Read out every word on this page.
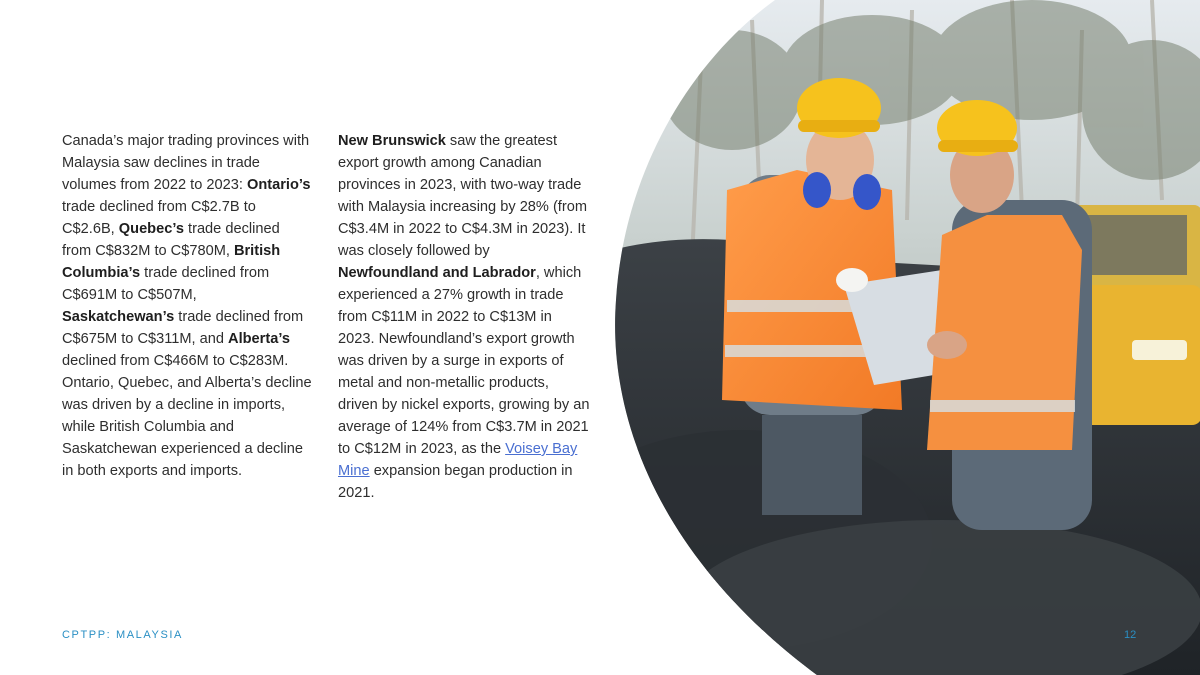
Canada’s major trading provinces with Malaysia saw declines in trade volumes from 2022 to 2023: Ontario’s trade declined from C$2.7B to C$2.6B, Quebec’s trade declined from C$832M to C$780M, British Columbia’s trade declined from C$691M to C$507M, Saskatchewan’s trade declined from C$675M to C$311M, and Alberta’s declined from C$466M to C$283M. Ontario, Quebec, and Alberta’s decline was driven by a decline in imports, while British Columbia and Saskatchewan experienced a decline in both exports and imports.

New Brunswick saw the greatest export growth among Canadian provinces in 2023, with two-way trade with Malaysia increasing by 28% (from C$3.4M in 2022 to C$4.3M in 2023). It was closely followed by Newfoundland and Labrador, which experienced a 27% growth in trade from C$11M in 2022 to C$13M in 2023. Newfoundland’s export growth was driven by a surge in exports of metal and non-metallic products, driven by nickel exports, growing by an average of 124% from C$3.7M in 2021 to C$12M in 2023, as the Voisey Bay Mine expansion began production in 2021.

CPTPP: MALAYSIA	12
